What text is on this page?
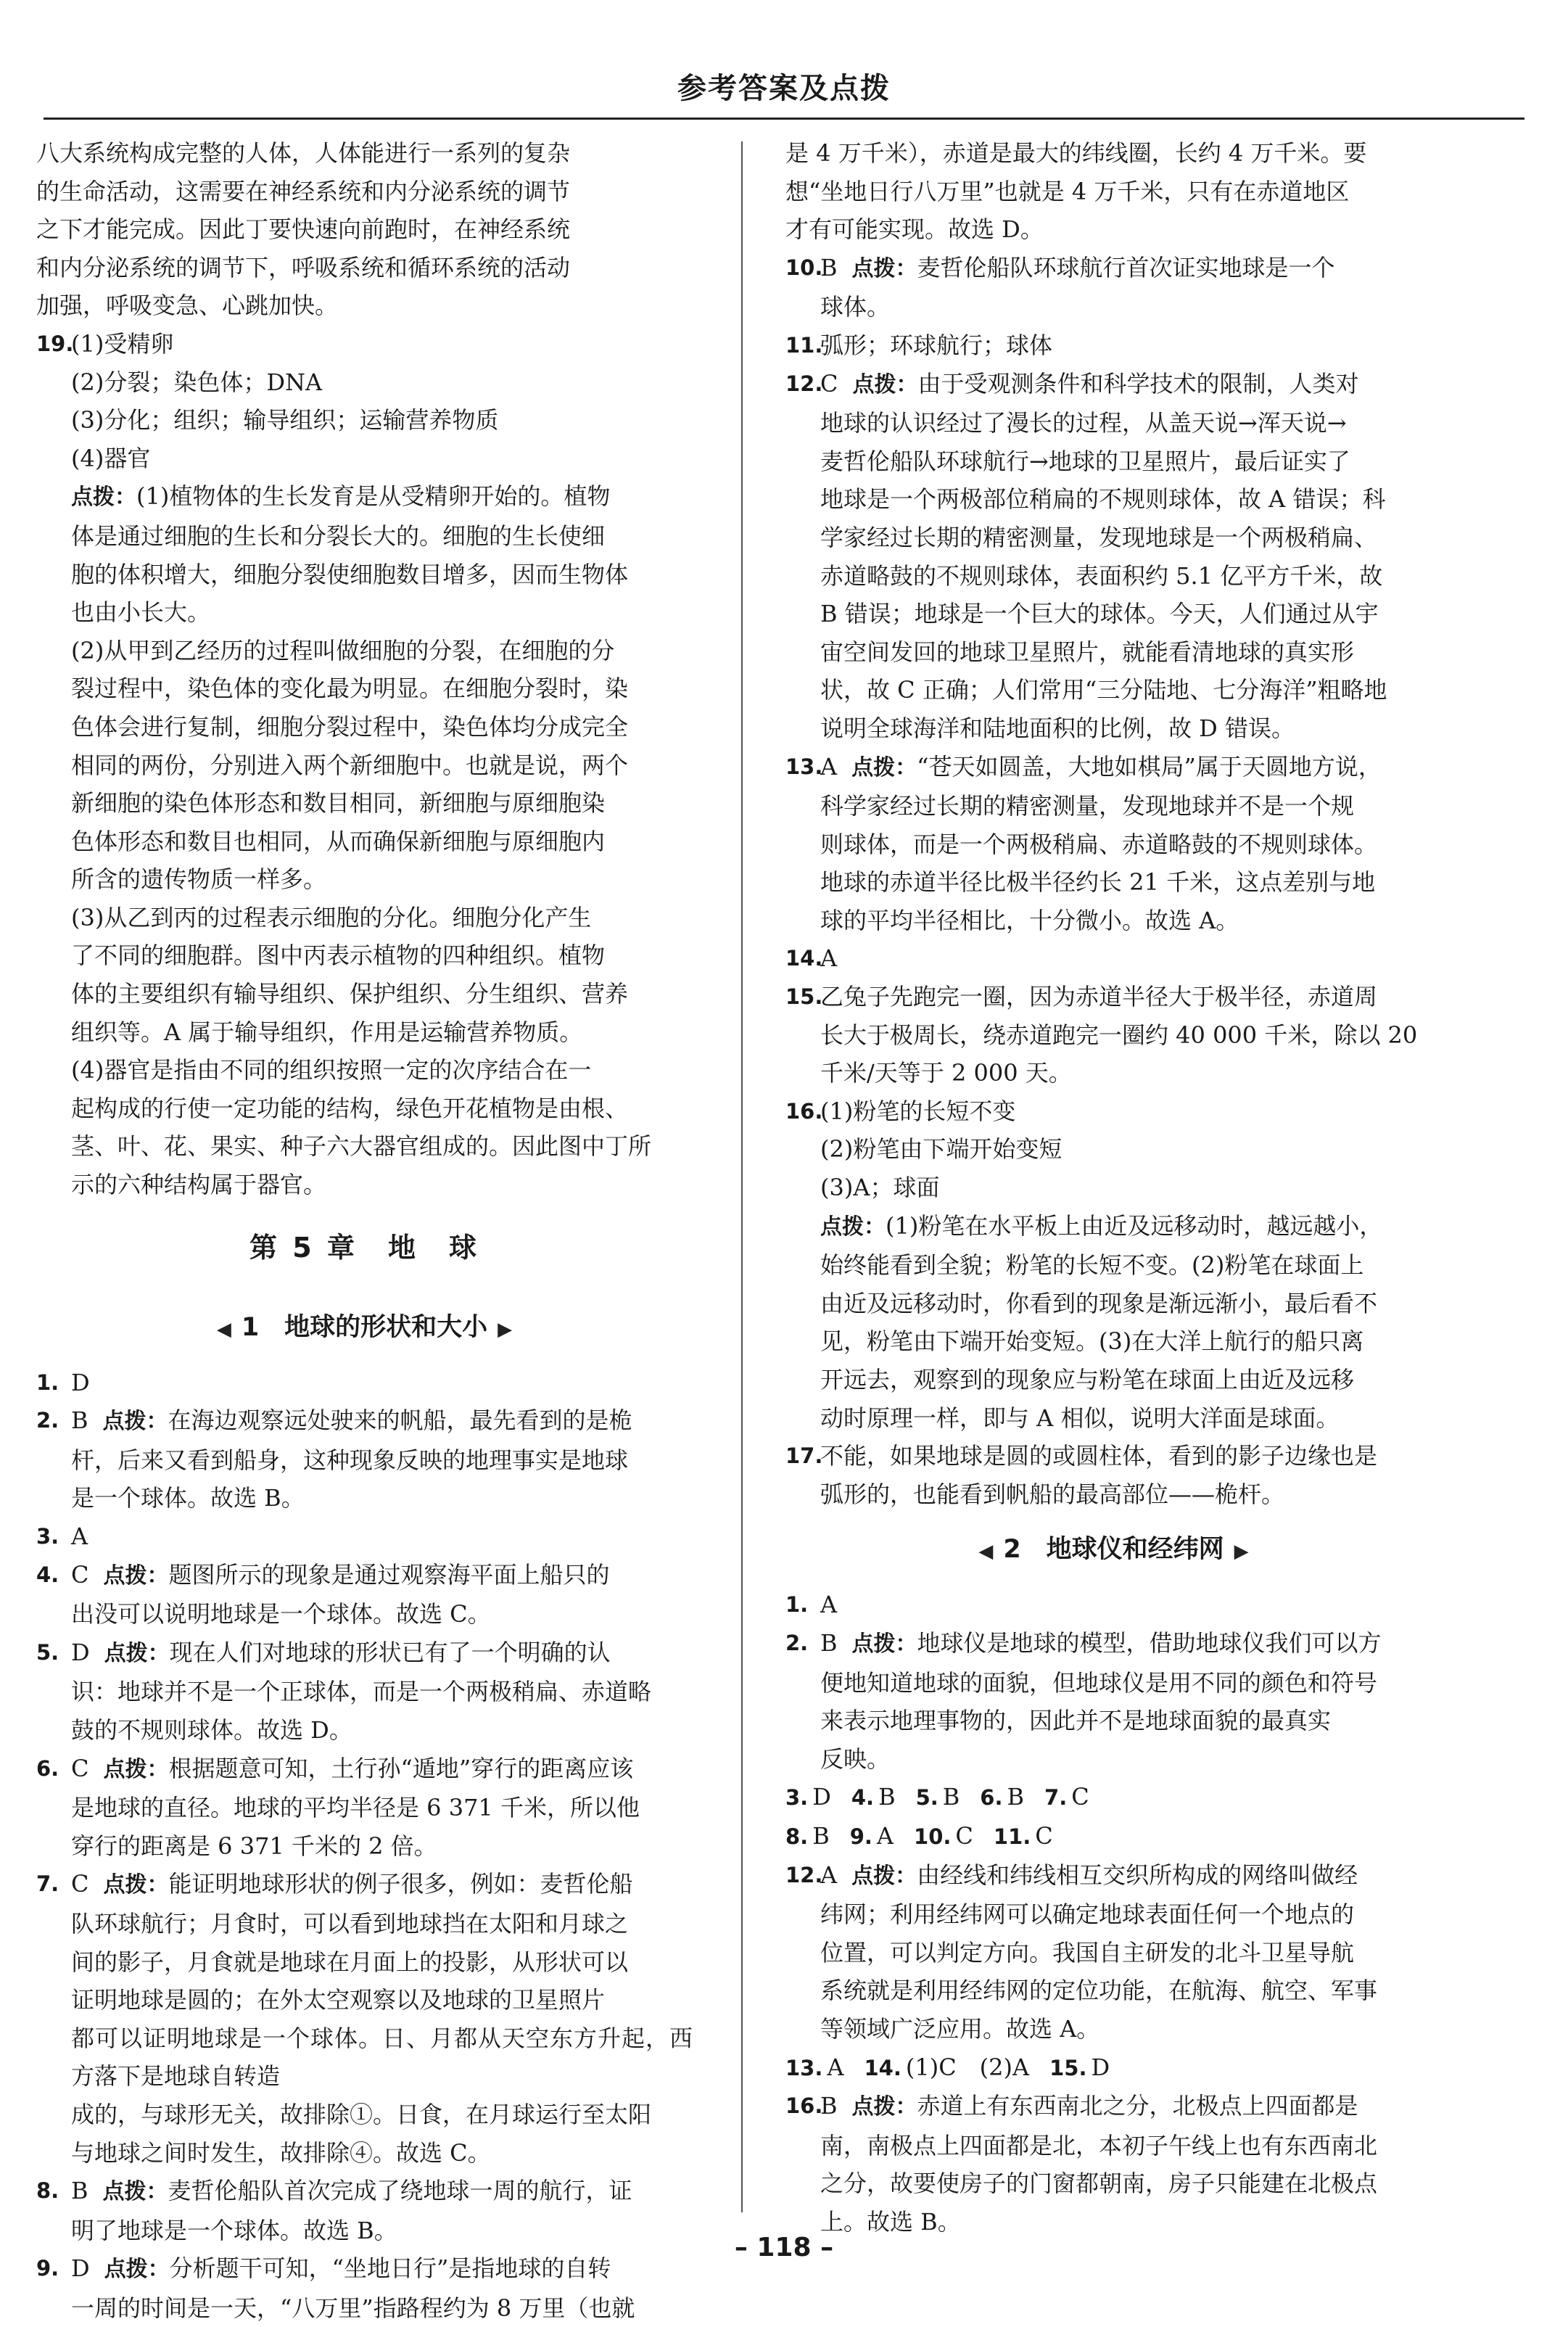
参考答案及点拨

八大系统构成完整的人体，人体能进行一系列的复杂

的生命活动，这需要在神经系统和内分泌系统的调节

之下才能完成。因此丁要快速向前跑时，在神经系统

和内分泌系统的调节下，呼吸系统和循环系统的活动

加强，呼吸变急、心跳加快。

19.
(1)受精卵
(2)分裂；染色体；DNA
(3)分化；组织；输导组织；运输营养物质
(4)器官
点拨：(1)植物体的生长发育是从受精卵开始的。植物
体是通过细胞的生长和分裂长大的。细胞的生长使细
胞的体积增大，细胞分裂使细胞数目增多，因而生物体
也由小长大。
(2)从甲到乙经历的过程叫做细胞的分裂，在细胞的分
裂过程中，染色体的变化最为明显。在细胞分裂时，染
色体会进行复制，细胞分裂过程中，染色体均分成完全
相同的两份，分别进入两个新细胞中。也就是说，两个
新细胞的染色体形态和数目相同，新细胞与原细胞染
色体形态和数目也相同，从而确保新细胞与原细胞内
所含的遗传物质一样多。
(3)从乙到丙的过程表示细胞的分化。细胞分化产生
了不同的细胞群。图中丙表示植物的四种组织。植物
体的主要组织有输导组织、保护组织、分生组织、营养
组织等。A 属于输导组织，作用是运输营养物质。
(4)器官是指由不同的组织按照一定的次序结合在一
起构成的行使一定功能的结构，绿色开花植物是由根、
茎、叶、花、果实、种子六大器官组成的。因此图中丁所
示的六种结构属于器官。
第 5 章　地　球
◀ 1　地球的形状和大小 ▶
1. D
2. B 点拨：在海边观察远处驶来的帆船，最先看到的是桅
杆，后来又看到船身，这种现象反映的地理事实是地球
是一个球体。故选 B。
3. A
4. C 点拨：题图所示的现象是通过观察海平面上船只的
出没可以说明地球是一个球体。故选 C。
5. D 点拨：现在人们对地球的形状已有了一个明确的认
识：地球并不是一个正球体，而是一个两极稍扁、赤道略
鼓的不规则球体。故选 D。
6. C 点拨：根据题意可知，土行孙“遁地”穿行的距离应该
是地球的直径。地球的平均半径是 6 371 千米，所以他
穿行的距离是 6 371 千米的 2 倍。
7. C 点拨：能证明地球形状的例子很多，例如：麦哲伦船
队环球航行；月食时，可以看到地球挡在太阳和月球之
间的影子，月食就是地球在月面上的投影，从形状可以
证明地球是圆的；在外太空观察以及地球的卫星照片
都可以证明地球是一个球体。日、月都从天空东方升起，西方落下是地球自转造
成的，与球形无关，故排除①。日食，在月球运行至太阳
与地球之间时发生，故排除④。故选 C。
8. B 点拨：麦哲伦船队首次完成了绕地球一周的航行，证
明了地球是一个球体。故选 B。
9. D 点拨：分析题干可知，“坐地日行”是指地球的自转
一周的时间是一天，“八万里”指路程约为 8 万里（也就

是 4 万千米），赤道是最大的纬线圈，长约 4 万千米。要

想“坐地日行八万里”也就是 4 万千米，只有在赤道地区

才有可能实现。故选 D。

10.
B 点拨：麦哲伦船队环球航行首次证实地球是一个
球体。
11.
弧形；环球航行；球体
12.
C 点拨：由于受观测条件和科学技术的限制，人类对
地球的认识经过了漫长的过程，从盖天说→浑天说→
麦哲伦船队环球航行→地球的卫星照片，最后证实了
地球是一个两极部位稍扁的不规则球体，故 A 错误；科
学家经过长期的精密测量，发现地球是一个两极稍扁、
赤道略鼓的不规则球体，表面积约 5.1 亿平方千米，故
B 错误；地球是一个巨大的球体。今天，人们通过从宇
宙空间发回的地球卫星照片，就能看清地球的真实形
状，故 C 正确；人们常用“三分陆地、七分海洋”粗略地
说明全球海洋和陆地面积的比例，故 D 错误。
13.
A 点拨：“苍天如圆盖，大地如棋局”属于天圆地方说，
科学家经过长期的精密测量，发现地球并不是一个规
则球体，而是一个两极稍扁、赤道略鼓的不规则球体。
地球的赤道半径比极半径约长 21 千米，这点差别与地
球的平均半径相比，十分微小。故选 A。
14.
A
15.
乙兔子先跑完一圈，因为赤道半径大于极半径，赤道周
长大于极周长，绕赤道跑完一圈约 40 000 千米，除以 20
千米/天等于 2 000 天。
16.
(1)粉笔的长短不变
(2)粉笔由下端开始变短
(3)A；球面
点拨：(1)粉笔在水平板上由近及远移动时，越远越小，
始终能看到全貌；粉笔的长短不变。(2)粉笔在球面上
由近及远移动时，你看到的现象是渐远渐小，最后看不
见，粉笔由下端开始变短。(3)在大洋上航行的船只离
开远去，观察到的现象应与粉笔在球面上由近及远移
动时原理一样，即与 A 相似，说明大洋面是球面。
17.
不能，如果地球是圆的或圆柱体，看到的影子边缘也是
弧形的，也能看到帆船的最高部位——桅杆。
◀ 2　地球仪和经纬网 ▶
1. A
2. B 点拨：地球仪是地球的模型，借助地球仪我们可以方
便地知道地球的面貌，但地球仪是用不同的颜色和符号
来表示地理事物的，因此并不是地球面貌的最真实
反映。
3. D 4. B 5. B 6. B 7. C
8. B 9. A 10. C 11. C
12.
A 点拨：由经线和纬线相互交织所构成的网络叫做经
纬网；利用经纬网可以确定地球表面任何一个地点的
位置，可以判定方向。我国自主研发的北斗卫星导航
系统就是利用经纬网的定位功能，在航海、航空、军事
等领域广泛应用。故选 A。
13. A 14. (1)C　(2)A 15. D
16.
B 点拨：赤道上有东西南北之分，北极点上四面都是
南，南极点上四面都是北，本初子午线上也有东西南北
之分，故要使房子的门窗都朝南，房子只能建在北极点
上。故选 B。
– 118 –
